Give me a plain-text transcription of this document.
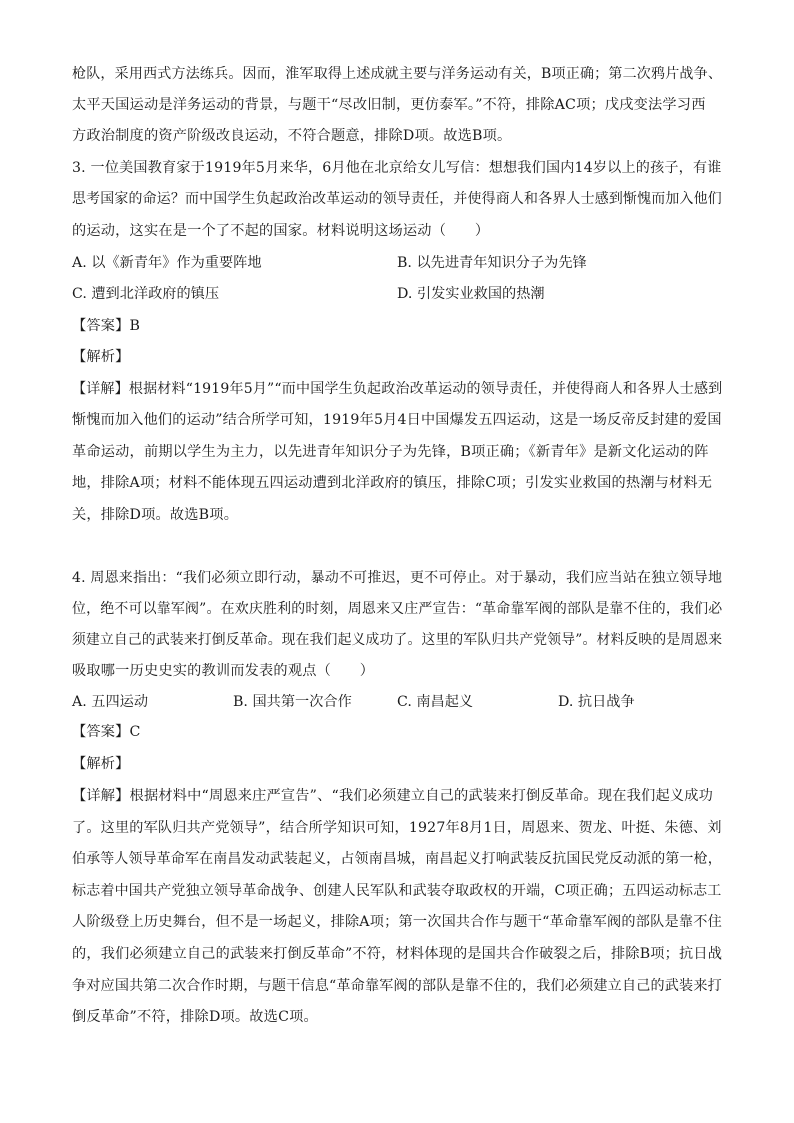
枪队，采用西式方法练兵。因而，淮军取得上述成就主要与洋务运动有关，B项正确；第二次鸦片战争、
太平天国运动是洋务运动的背景，与题干“尽改旧制，更仿泰军。”不符，排除AC项；戊戌变法学习西
方政治制度的资产阶级改良运动，不符合题意，排除D项。故选B项。
3. 一位美国教育家于1919年5月来华，6月他在北京给女儿写信：想想我们国内14岁以上的孩子，有谁
思考国家的命运？而中国学生负起政治改革运动的领导责任，并使得商人和各界人士感到惭愧而加入他们
的运动，这实在是一个了不起的国家。材料说明这场运动（　　）
A. 以《新青年》作为重要阵地	B. 以先进青年知识分子为先锋
C. 遭到北洋政府的镇压	D. 引发实业救国的热潮
【答案】B
【解析】
【详解】根据材料“1919年5月”“而中国学生负起政治改革运动的领导责任，并使得商人和各界人士感到
惭愧而加入他们的运动”结合所学可知，1919年5月4日中国爆发五四运动，这是一场反帝反封建的爱国
革命运动，前期以学生为主力，以先进青年知识分子为先锋，B项正确；《新青年》是新文化运动的阵
地，排除A项；材料不能体现五四运动遭到北洋政府的镇压，排除C项；引发实业救国的热潮与材料无
关，排除D项。故选B项。
4. 周恩来指出：“我们必须立即行动，暴动不可推迟，更不可停止。对于暴动，我们应当站在独立领导地
位，绝不可以靠军阀”。在欢庆胜利的时刻，周恩来又庄严宣告：“革命靠军阀的部队是靠不住的，我们必
须建立自己的武装来打倒反革命。现在我们起义成功了。这里的军队归共产党领导”。材料反映的是周恩来
吸取哪一历史史实的教训而发表的观点（　　）
A. 五四运动	B. 国共第一次合作	C. 南昌起义	D. 抗日战争
【答案】C
【解析】
【详解】根据材料中“周恩来庄严宣告”、“我们必须建立自己的武装来打倒反革命。现在我们起义成功
了。这里的军队归共产党领导”，结合所学知识可知，1927年8月1日，周恩来、贺龙、叶挺、朱德、刘
伯承等人领导革命军在南昌发动武装起义，占领南昌城，南昌起义打响武装反抗国民党反动派的第一枪，
标志着中国共产党独立领导革命战争、创建人民军队和武装夺取政权的开端，C项正确；五四运动标志工
人阶级登上历史舞台，但不是一场起义，排除A项；第一次国共合作与题干“革命靠军阀的部队是靠不住
的，我们必须建立自己的武装来打倒反革命”不符，材料体现的是国共合作破裂之后，排除B项；抗日战
争对应国共第二次合作时期，与题干信息“革命靠军阀的部队是靠不住的，我们必须建立自己的武装来打
倒反革命”不符，排除D项。故选C项。
